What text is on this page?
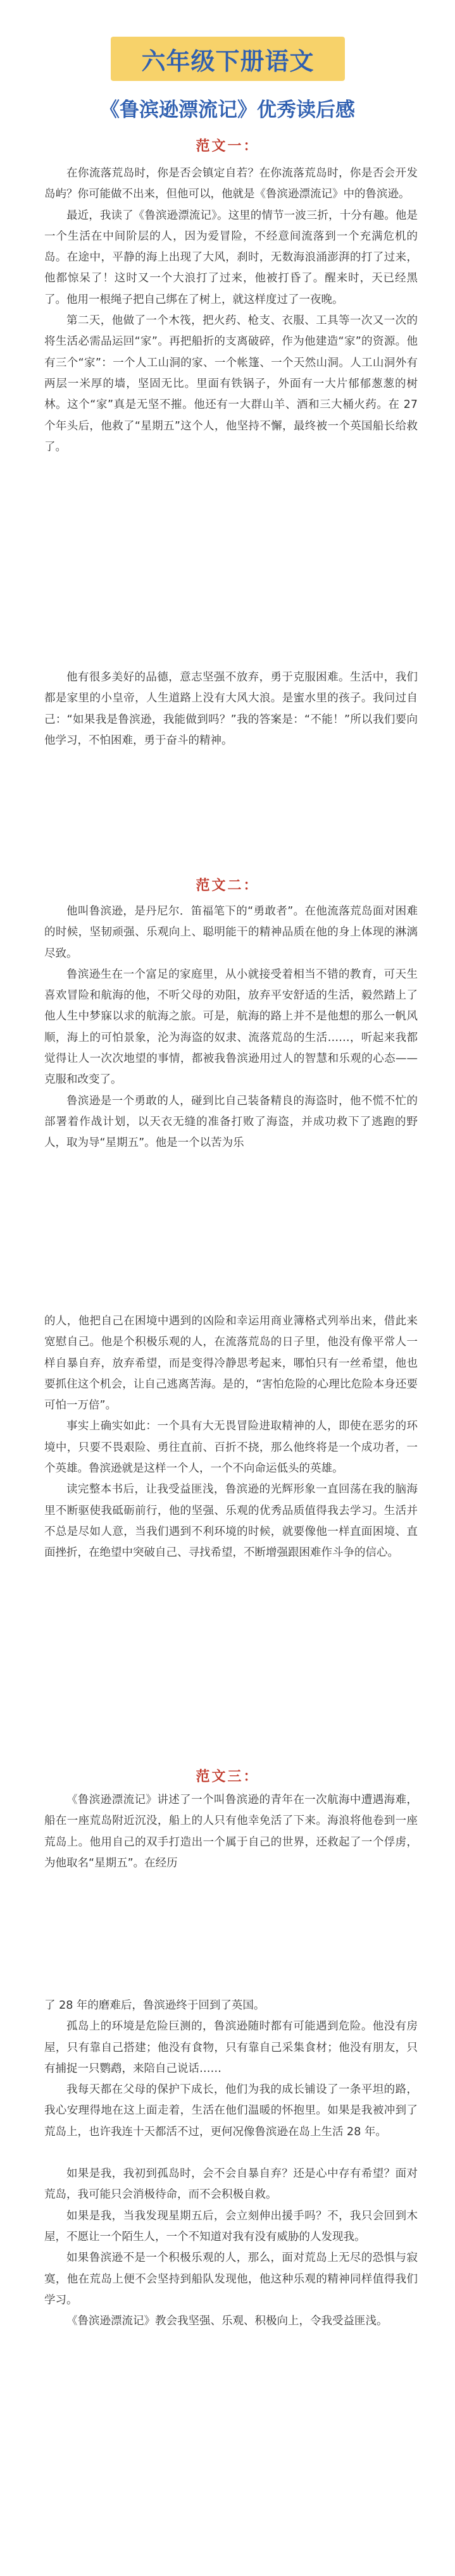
六年级下册语文
《鲁滨逊漂流记》优秀读后感
范文一：

在你流落荒岛时，你是否会镇定自若？在你流落荒岛时，你是否会开发岛屿？你可能做不出来，但他可以，他就是《鲁滨逊漂流记》中的鲁滨逊。

最近，我读了《鲁滨逊漂流记》。这里的情节一波三折，十分有趣。他是一个生活在中间阶层的人，因为爱冒险，不经意间流落到一个充满危机的岛。在途中，平静的海上出现了大风，刹时，无数海浪涌澎湃的打了过来，他都惊呆了！这时又一个大浪打了过来，他被打昏了。醒来时，天已经黑了。他用一根绳子把自己绑在了树上，就这样度过了一夜晚。

第二天，他做了一个木筏，把火药、枪支、衣服、工具等一次又一次的将生活必需品运回“家”。再把船折的支离破碎，作为他建造“家”的资源。他有三个“家”：一个人工山洞的家、一个帐篷、一个天然山洞。人工山洞外有两层一米厚的墙，坚固无比。里面有铁锅子，外面有一大片郁郁葱葱的树林。这个“家”真是无坚不摧。他还有一大群山羊、酒和三大桶火药。在 27 个年头后，他救了“星期五”这个人，他坚持不懈，最终被一个英国船长给救了。

他有很多美好的品德，意志坚强不放弃，勇于克服困难。生活中，我们都是家里的小皇帝，人生道路上没有大风大浪。是蜜水里的孩子。我问过自己：“如果我是鲁滨逊，我能做到吗？”我的答案是：“不能！”所以我们要向他学习，不怕困难，勇于奋斗的精神。

范文二：

他叫鲁滨逊，是丹尼尔．笛福笔下的“勇敢者”。在他流落荒岛面对困难的时候，坚韧顽强、乐观向上、聪明能干的精神品质在他的身上体现的淋漓尽致。

鲁滨逊生在一个富足的家庭里，从小就接受着相当不错的教育，可天生喜欢冒险和航海的他，不听父母的劝阻，放弃平安舒适的生活，毅然踏上了他人生中梦寐以求的航海之旅。可是，航海的路上并不是他想的那么一帆风顺，海上的可怕景象，沦为海盗的奴隶、流落荒岛的生活……，听起来我都觉得让人一次次地望的事情，都被我鲁滨逊用过人的智慧和乐观的心态——克服和改变了。

鲁滨逊是一个勇敢的人，碰到比自己装备精良的海盗时，他不慌不忙的部署着作战计划，以天衣无缝的准备打败了海盗，并成功救下了逃跑的野人，取为导“星期五”。他是一个以苦为乐

的人，他把自己在困境中遇到的凶险和幸运用商业簿格式列举出来，借此来宽慰自己。他是个积极乐观的人，在流落荒岛的日子里，他没有像平常人一样自暴自弃，放弃希望，而是变得冷静思考起来，哪怕只有一丝希望，他也要抓住这个机会，让自己逃离苦海。是的，“害怕危险的心理比危险本身还要可怕一万倍”。

事实上确实如此：一个具有大无畏冒险进取精神的人，即使在恶劣的环境中，只要不畏艰险、勇往直前、百折不挠，那么他终将是一个成功者，一个英雄。鲁滨逊就是这样一个人，一个不向命运低头的英雄。

读完整本书后，让我受益匪浅，鲁滨逊的光辉形象一直回荡在我的脑海里不断驱使我砥砺前行，他的坚强、乐观的优秀品质值得我去学习。生活并不总是尽如人意，当我们遇到不利环境的时候，就要像他一样直面困境、直面挫折，在绝望中突破自己、寻找希望，不断增强跟困难作斗争的信心。

范文三：

《鲁滨逊漂流记》讲述了一个叫鲁滨逊的青年在一次航海中遭遇海难，船在一座荒岛附近沉没，船上的人只有他幸免活了下来。海浪将他卷到一座荒岛上。他用自己的双手打造出一个属于自己的世界，还救起了一个俘虏，为他取名“星期五”。在经历

了 28 年的磨难后，鲁滨逊终于回到了英国。

孤岛上的环境是危险巨测的，鲁滨逊随时都有可能遇到危险。他没有房屋，只有靠自己搭建；他没有食物，只有靠自己采集食材；他没有朋友，只有捕捉一只鹦鹉，来陪自己说话……

我每天都在父母的保护下成长，他们为我的成长铺设了一条平坦的路，我心安理得地在这上面走着，生活在他们温暖的怀抱里。如果是我被冲到了荒岛上，也许我连十天都活不过，更何况像鲁滨逊在岛上生活 28 年。

如果是我，我初到孤岛时，会不会自暴自弃？还是心中存有希望？面对荒岛，我可能只会消极待命，而不会积极自救。

如果是我，当我发现星期五后，会立刻伸出援手吗？不，我只会回到木屋，不愿让一个陌生人，一个不知道对我有没有威胁的人发现我。

如果鲁滨逊不是一个积极乐观的人，那么，面对荒岛上无尽的恐惧与寂寞，他在荒岛上便不会坚持到船队发现他，他这种乐观的精神同样值得我们学习。

《鲁滨逊漂流记》教会我坚强、乐观、积极向上，令我受益匪浅。
